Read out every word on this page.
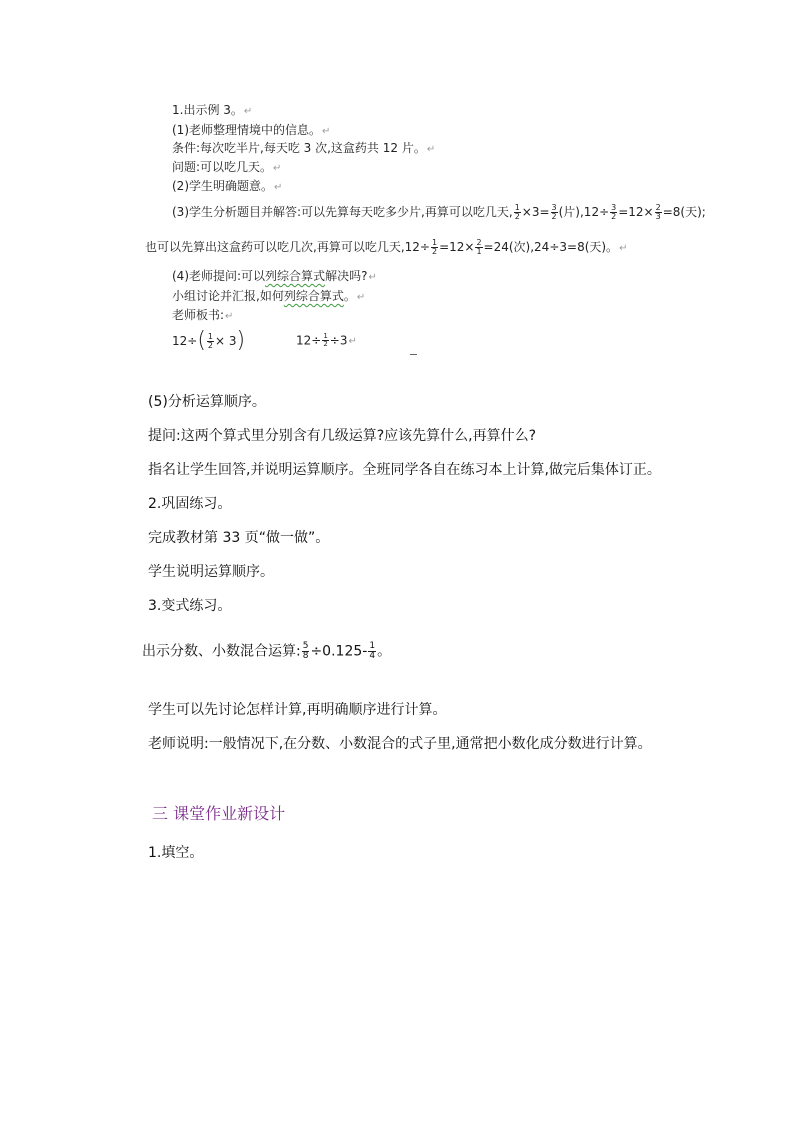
1.出示例 3。↵
(1)老师整理情境中的信息。↵
条件:每次吃半片,每天吃 3 次,这盒药共 12 片。↵
问题:可以吃几天。↵
(2)学生明确题意。↵
(3)学生分析题目并解答:可以先算每天吃多少片,再算可以吃几天, $\frac{1}{2} \times 3= \frac{3}{2}$ (片)$,12\div \frac{3}{2} =12\times \frac{2}{3} =8$(天);
也可以先算出这盒药可以吃几次,再算可以吃几天$,12\div \frac{1}{2} =12\times \frac{2}{1} =24$(次),24÷3=8(天)。↵
(4)老师提问:可以列综合算式解决吗?↵
小组讨论并汇报,如何列综合算式。↵
老师板书:↵
$12\div( \frac{1}{2} \times 3)$	$12\div \frac{1}{2}$ ÷3↵
(5)分析运算顺序。
提问:这两个算式里分别含有几级运算?应该先算什么,再算什么?
指名让学生回答,并说明运算顺序。全班同学各自在练习本上计算,做完后集体订正。
2.巩固练习。
完成教材第 33 页“做一做”。
学生说明运算顺序。
3.变式练习。
出示分数、小数混合运算: $\frac{5}{8} \div 0.125- \frac{1}{4}$ 。
学生可以先讨论怎样计算,再明确顺序进行计算。
老师说明:一般情况下,在分数、小数混合的式子里,通常把小数化成分数进行计算。
三 课堂作业新设计
1.填空。
